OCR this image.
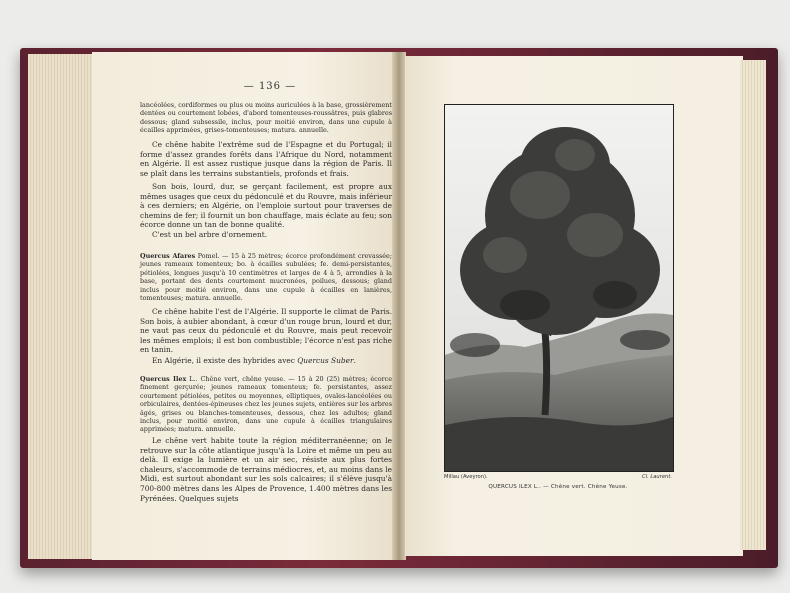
— 136 —
lancéolées, cordiformes ou plus ou moins auriculées à la base, grossièrement dentées ou courtement lobées, d'abord tomenteuses-roussâtres, puis glabres dessous; gland subsessile, inclus, pour moitié environ, dans une cupule à écailles apprimées, grises-tomenteuses; matura. annuelle.
Ce chêne habite l'extrême sud de l'Espagne et du Portugal; il forme d'assez grandes forêts dans l'Afrique du Nord, notamment en Algérie. Il est assez rustique jusque dans la région de Paris. Il se plaît dans les terrains substantiels, profonds et frais.
Son bois, lourd, dur, se gerçant facilement, est propre aux mêmes usages que ceux du pédonculé et du Rouvre, mais inférieur à ces derniers; en Algérie, on l'emploie surtout pour traverses de chemins de fer; il fournit un bon chauffage, mais éclate au feu; son écorce donne un tan de bonne qualité.
C'est un bel arbre d'ornement.
Quercus Afares Pomel. — 15 à 25 mètres; écorce profondément crevassée; jeunes rameaux tomenteux; bo. à écailles subulées; fe. demi-persistantes, pétiolées, longues jusqu'à 10 centimètres et larges de 4 à 5, arrondies à la base, portant des dents courtement mucronées, poilues, dessous; gland inclus pour moitié environ, dans une cupule à écailles en lanières, tomenteuses; matura. annuelle.
Ce chêne habite l'est de l'Algérie. Il supporte le climat de Paris. Son bois, à aubier abondant, à cœur d'un rouge brun, lourd et dur, ne vaut pas ceux du pédonculé et du Rouvre, mais peut recevoir les mêmes emplois; il est bon combustible; l'écorce n'est pas riche en tanin.
En Algérie, il existe des hybrides avec Quercus Suber.
Quercus Ilex L.. Chêne vert, chêne yeuse. — 15 à 20 (25) mètres; écorce finement gerçurée; jeunes rameaux tomenteux; fe. persistantes, assez courtement pétiolées, petites ou moyennes, elliptiques, ovales-lancéolées ou orbiculaires, dentées-épineuses chez les jeunes sujets, entières sur les arbres âgés, grises ou blanches-tomenteuses, dessous, chez les adultes; gland inclus, pour moitié environ, dans une cupule à écailles triangulaires apprimées; matura. annuelle.
Le chêne vert habite toute la région méditerranéenne; on le retrouve sur la côte atlantique jusqu'à la Loire et même un peu au delà. Il exige la lumière et un air sec, résiste aux plus fortes chaleurs, s'accommode de terrains médiocres, et, au moins dans le Midi, est surtout abondant sur les sols calcaires; il s'élève jusqu'à 700-800 mètres dans les Alpes de Provence, 1.400 mètres dans les Pyrénées. Quelques sujets
Millau (Aveyron).	Cl. Laurent.
QUERCUS ILEX L.. — Chêne vert. Chêne Yeuse.
